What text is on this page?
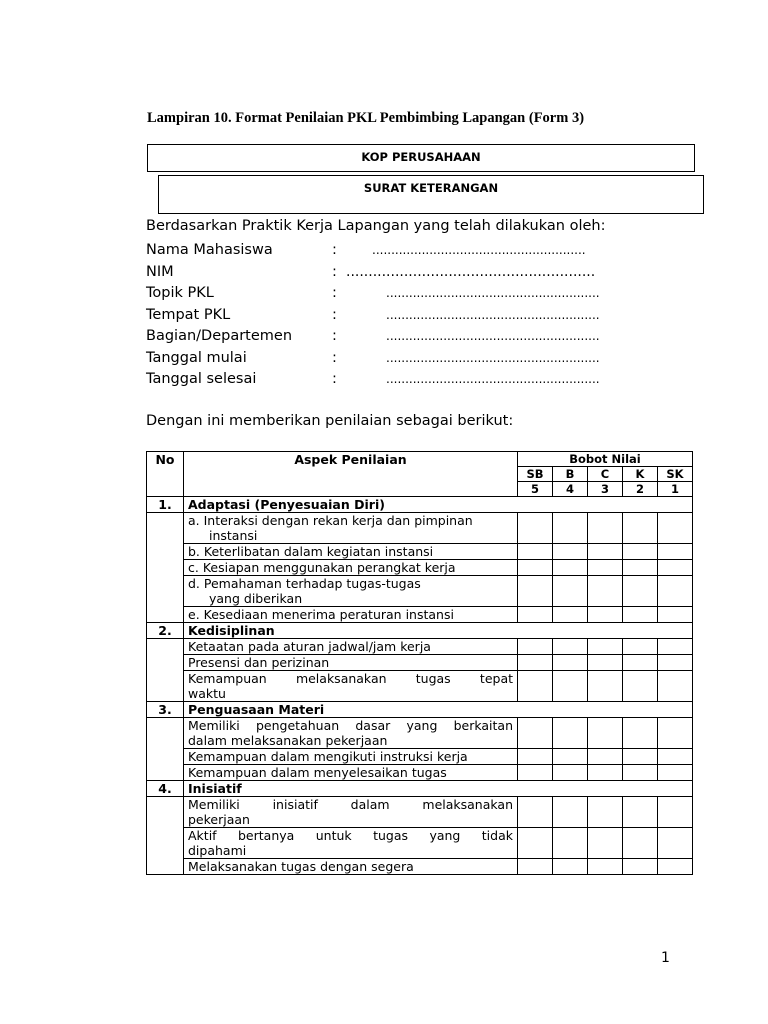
Lampiran 10. Format Penilaian PKL Pembimbing Lapangan (Form 3)
KOP PERUSAHAAN
SURAT KETERANGAN
Berdasarkan Praktik Kerja Lapangan yang telah dilakukan oleh:
Nama Mahasiswa	:	........................................................
NIM	: ........................................................
Topik PKL	:	........................................................
Tempat PKL	:	........................................................
Bagian/Departemen	:	........................................................
Tanggal mulai	:	........................................................
Tanggal selesai	:	........................................................
Dengan ini memberikan penilaian sebagai berikut:
No	Aspek Penilaian	Bobot Nilai				
		SB	B	C	K	SK
		5	4	3	2	1
1.	Adaptasi (Penyesuaian Diri)					
	a. Interaksi dengan rekan kerja dan pimpinan

instansi					

	b. Keterlibatan dalam kegiatan instansi					
	c. Kesiapan menggunakan perangkat kerja					
	d. Pemahaman terhadap tugas-tugas

yang diberikan					

	e. Kesediaan menerima peraturan instansi					
2.	Kedisiplinan					
	Ketaatan pada aturan jadwal/jam kerja					
	Presensi dan perizinan					

	Kemampuan melaksanakan tugas tepat
waktu					
3.	Penguasaan Materi					

	Memiliki pengetahuan dasar yang berkaitan
dalam melaksanakan pekerjaan					
	Kemampuan dalam mengikuti instruksi kerja					
	Kemampuan dalam menyelesaikan tugas					
4.	Inisiatif					

	Memiliki inisiatif dalam melaksanakan
pekerjaan					

	Aktif bertanya untuk tugas yang tidak
dipahami					
	Melaksanakan tugas dengan segera					
1
